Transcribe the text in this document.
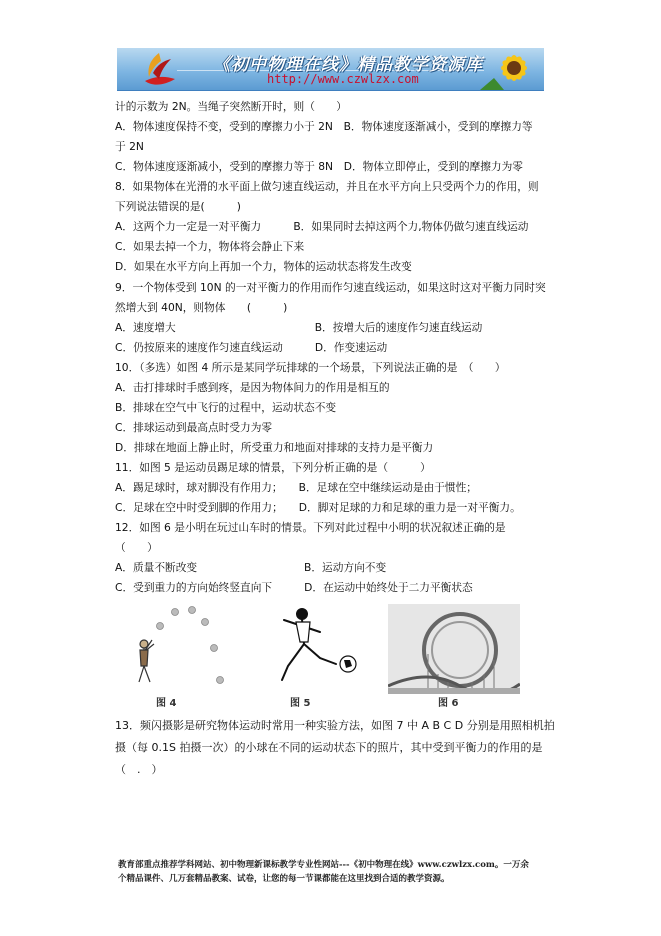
《初中物理在线》精品教学资源库
http://www.czwlzx.com
计的示数为 2N。当绳子突然断开时，则（　　）
A．物体速度保持不变，受到的摩擦力小于 2N　B．物体速度逐渐减小，受到的摩擦力等
于 2N
C．物体速度逐渐减小，受到的摩擦力等于 8N　D．物体立即停止，受到的摩擦力为零
8．如果物体在光滑的水平面上做匀速直线运动，并且在水平方向上只受两个力的作用，则
下列说法错误的是(　　　)
A．这两个力一定是一对平衡力　　　B．如果同时去掉这两个力,物体仍做匀速直线运动
C．如果去掉一个力，物体将会静止下来
D．如果在水平方向上再加一个力，物体的运动状态将发生改变
9．一个物体受到 10N 的一对平衡力的作用而作匀速直线运动，如果这时这对平衡力同时突
然增大到 40N，则物体　　(　　　)
A．速度增大　　　　　　　　　　　　　B．按增大后的速度作匀速直线运动
C．仍按原来的速度作匀速直线运动　　　D．作变速运动
10．（多选）如图 4 所示是某同学玩排球的一个场景，下列说法正确的是　（　　）
A．击打排球时手感到疼，是因为物体间力的作用是相互的
B．排球在空气中飞行的过程中，运动状态不变
C．排球运动到最高点时受力为零
D．排球在地面上静止时，所受重力和地面对排球的支持力是平衡力
11．如图 5 是运动员踢足球的情景，下列分析正确的是（　　　）
A．踢足球时，球对脚没有作用力；　　B．足球在空中继续运动是由于惯性；
C．足球在空中时受到脚的作用力；　　D．脚对足球的力和足球的重力是一对平衡力。
12．如图 6 是小明在玩过山车时的情景。下列对此过程中小明的状况叙述正确的是
（　　）
A．质量不断改变　　　　　　　　　　B．运动方向不变
C．受到重力的方向始终竖直向下　　　D．在运动中始终处于二力平衡状态
图 4	图 5	图 6
13．频闪摄影是研究物体运动时常用一种实验方法，如图 7 中 A B C D 分别是用照相机拍
摄（每 0.1S 拍摄一次）的小球在不同的运动状态下的照片，其中受到平衡力的作用的是
（　.　）
教育部重点推荐学科网站、初中物理新课标教学专业性网站---《初中物理在线》www.czwlzx.com。一万余
个精品课件、几万套精品教案、试卷，让您的每一节课都能在这里找到合适的教学资源。
